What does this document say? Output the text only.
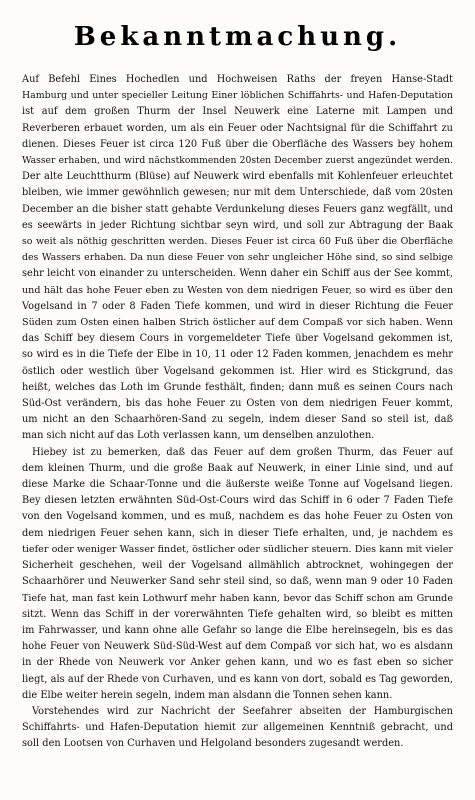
Bekanntmachung.
Auf Befehl Eines Hochedlen und Hochweisen Raths der freyen Hanse-Stadt
Hamburg und unter specieller Leitung Einer löblichen Schiffahrts- und Hafen-Deputation
ist auf dem großen Thurm der Insel Neuwerk eine Laterne mit Lampen und
Reverberen erbauet worden, um als ein Feuer oder Nachtsignal für die Schiffahrt zu
dienen. Dieses Feuer ist circa 120 Fuß über die Oberfläche des Wassers bey hohem
Wasser erhaben, und wird nächstkommenden 20sten December zuerst angezündet werden.
Der alte Leuchtthurm (Blüse) auf Neuwerk wird ebenfalls mit Kohlenfeuer erleuchtet
bleiben, wie immer gewöhnlich gewesen; nur mit dem Unterschiede, daß vom 20sten
December an die bisher statt gehabte Verdunkelung dieses Feuers ganz wegfällt, und
es seewärts in jeder Richtung sichtbar seyn wird, und soll zur Abtragung der Baak
so weit als nöthig geschritten werden. Dieses Feuer ist circa 60 Fuß über die Oberfläche
des Wassers erhaben. Da nun diese Feuer von sehr ungleicher Höhe sind, so sind selbige
sehr leicht von einander zu unterscheiden. Wenn daher ein Schiff aus der See kommt,
und hält das hohe Feuer eben zu Westen von dem niedrigen Feuer, so wird es über den
Vogelsand in 7 oder 8 Faden Tiefe kommen, und wird in dieser Richtung die Feuer
Süden zum Osten einen halben Strich östlicher auf dem Compaß vor sich haben. Wenn
das Schiff bey diesem Cours in vorgemeldeter Tiefe über Vogelsand gekommen ist,
so wird es in die Tiefe der Elbe in 10, 11 oder 12 Faden kommen, jenachdem es mehr
östlich oder westlich über Vogelsand gekommen ist. Hier wird es Stickgrund, das
heißt, welches das Loth im Grunde festhält, finden; dann muß es seinen Cours nach
Süd-Ost verändern, bis das hohe Feuer zu Osten von dem niedrigen Feuer kommt,
um nicht an den Schaarhören-Sand zu segeln, indem dieser Sand so steil ist, daß
man sich nicht auf das Loth verlassen kann, um denselben anzulothen.
Hiebey ist zu bemerken, daß das Feuer auf dem großen Thurm, das Feuer auf
dem kleinen Thurm, und die große Baak auf Neuwerk, in einer Linie sind, und auf
diese Marke die Schaar-Tonne und die äußerste weiße Tonne auf Vogelsand liegen.
Bey diesen letzten erwähnten Süd-Ost-Cours wird das Schiff in 6 oder 7 Faden Tiefe
von den Vogelsand kommen, und es muß, nachdem es das hohe Feuer zu Osten von
dem niedrigen Feuer sehen kann, sich in dieser Tiefe erhalten, und, je nachdem es
tiefer oder weniger Wasser findet, östlicher oder südlicher steuern. Dies kann mit vieler
Sicherheit geschehen, weil der Vogelsand allmählich abtrocknet, wohingegen der
Schaarhörer und Neuwerker Sand sehr steil sind, so daß, wenn man 9 oder 10 Faden
Tiefe hat, man fast kein Lothwurf mehr haben kann, bevor das Schiff schon am Grunde
sitzt. Wenn das Schiff in der vorerwähnten Tiefe gehalten wird, so bleibt es mitten
im Fahrwasser, und kann ohne alle Gefahr so lange die Elbe hereinsegeln, bis es das
hohe Feuer von Neuwerk Süd-Süd-West auf dem Compaß vor sich hat, wo es alsdann
in der Rhede von Neuwerk vor Anker gehen kann, und wo es fast eben so sicher
liegt, als auf der Rhede von Curhaven, und es kann von dort, sobald es Tag geworden,
die Elbe weiter herein segeln, indem man alsdann die Tonnen sehen kann.
Vorstehendes wird zur Nachricht der Seefahrer abseiten der Hamburgischen
Schiffahrts- und Hafen-Deputation hiemit zur allgemeinen Kenntniß gebracht, und
soll den Lootsen von Curhaven und Helgoland besonders zugesandt werden.
